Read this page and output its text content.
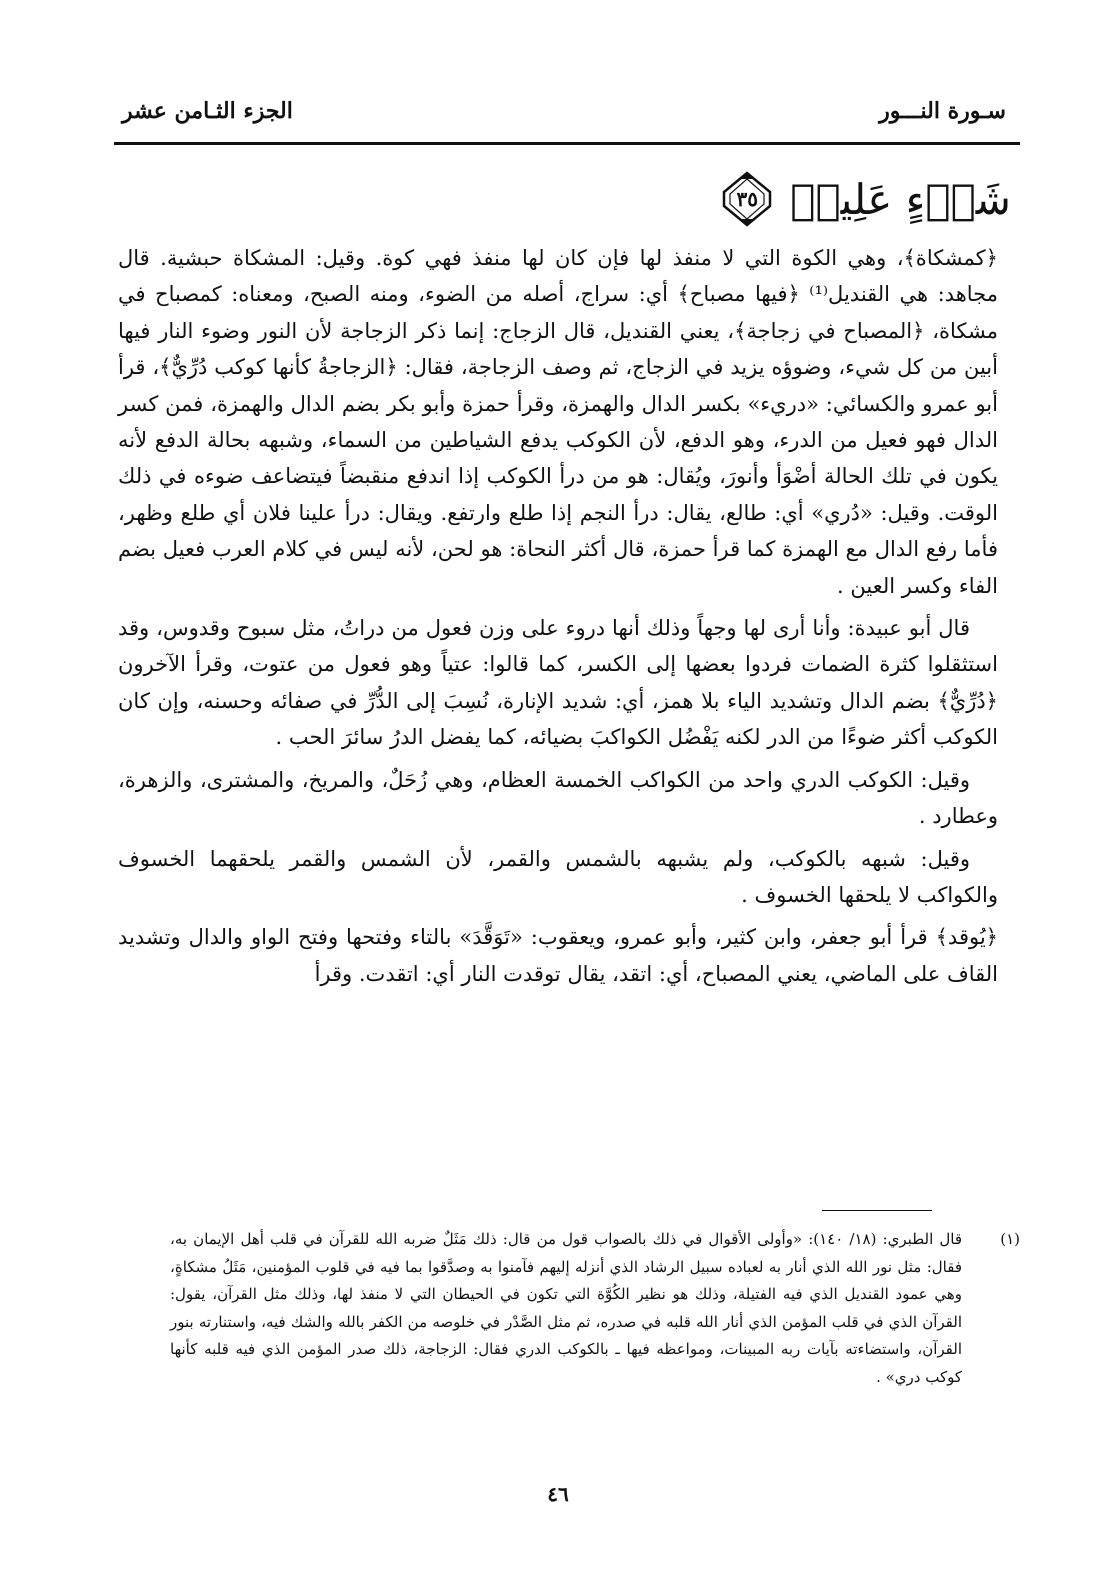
سـورة النـــور
الجزء الثـامن عشر
شَيۡءٍ عَلِيمٞ
٣٥

﴿كمشكاة﴾، وهي الكوة التي لا منفذ لها فإن كان لها منفذ فهي كوة. وقيل: المشكاة حبشية. قال مجاهد: هي القنديل⁽¹⁾ ﴿فيها مصباح﴾ أي: سراج، أصله من الضوء، ومنه الصبح، ومعناه: كمصباح في مشكاة، ﴿المصباح في زجاجة﴾، يعني القنديل، قال الزجاج: إنما ذكر الزجاجة لأن النور وضوء النار فيها أبين من كل شيء، وضوؤه يزيد في الزجاج، ثم وصف الزجاجة، فقال: ﴿الزجاجةُ كأنها كوكب دُرِّيٌّ﴾، قرأ أبو عمرو والكسائي: «دريء» بكسر الدال والهمزة، وقرأ حمزة وأبو بكر بضم الدال والهمزة، فمن كسر الدال فهو فعيل من الدرء، وهو الدفع، لأن الكوكب يدفع الشياطين من السماء، وشبهه بحالة الدفع لأنه يكون في تلك الحالة أضْوَأ وأنورَ، ويُقال: هو من درأ الكوكب إذا اندفع منقبضاً فيتضاعف ضوءه في ذلك الوقت. وقيل: «دُري» أي: طالع، يقال: درأ النجم إذا طلع وارتفع. ويقال: درأ علينا فلان أي طلع وظهر، فأما رفع الدال مع الهمزة كما قرأ حمزة، قال أكثر النحاة: هو لحن، لأنه ليس في كلام العرب فعيل بضم الفاء وكسر العين .

قال أبو عبيدة: وأنا أرى لها وجهاً وذلك أنها دروء على وزن فعول من دراتُ، مثل سبوح وقدوس، وقد استثقلوا كثرة الضمات فردوا بعضها إلى الكسر، كما قالوا: عتياً وهو فعول من عتوت، وقرأ الآخرون ﴿دُرِّيٌّ﴾ بضم الدال وتشديد الياء بلا همز، أي: شديد الإنارة، نُسِبَ إلى الدُّرِّ في صفائه وحسنه، وإن كان الكوكب أكثر ضوءًا من الدر لكنه يَفْضُل الكواكبَ بضيائه، كما يفضل الدرُ سائرَ الحب .

وقيل: الكوكب الدري واحد من الكواكب الخمسة العظام، وهي زُحَلٌ، والمريخ، والمشترى، والزهرة، وعطارد .

وقيل: شبهه بالكوكب، ولم يشبهه بالشمس والقمر، لأن الشمس والقمر يلحقهما الخسوف والكواكب لا يلحقها الخسوف .

﴿يُوقد﴾ قرأ أبو جعفر، وابن كثير، وأبو عمرو، ويعقوب: «تَوَقَّدَ» بالتاء وفتحها وفتح الواو والدال وتشديد القاف على الماضي، يعني المصباح، أي: اتقد، يقال توقدت النار أي: اتقدت. وقرأ

(١)
قال الطبري: (١٨/ ١٤٠): «وأولى الأقوال في ذلك بالصواب قول من قال: ذلك مَثَلٌ ضربه الله للقرآن في قلب أهل الإيمان به، فقال: مثل نور الله الذي أنار به لعباده سبيل الرشاد الذي أنزله إليهم فآمنوا به وصدَّقوا بما فيه في قلوب المؤمنين، مَثَلُ مشكاةٍ، وهي عمود القنديل الذي فيه الفتيلة، وذلك هو نظير الكُوَّة التي تكون في الحيطان التي لا منفذ لها، وذلك مثل القرآن، يقول: القرآن الذي في قلب المؤمن الذي أنار الله قلبه في صدره، ثم مثل الصَّدْر في خلوصه من الكفر بالله والشك فيه، واستنارته بنور القرآن، واستضاءته بآيات ربه المبينات، ومواعظه فيها ـ بالكوكب الدري فقال: الزجاجة، ذلك صدر المؤمن الذي فيه قلبه كأنها كوكب دري» .
٤٦
